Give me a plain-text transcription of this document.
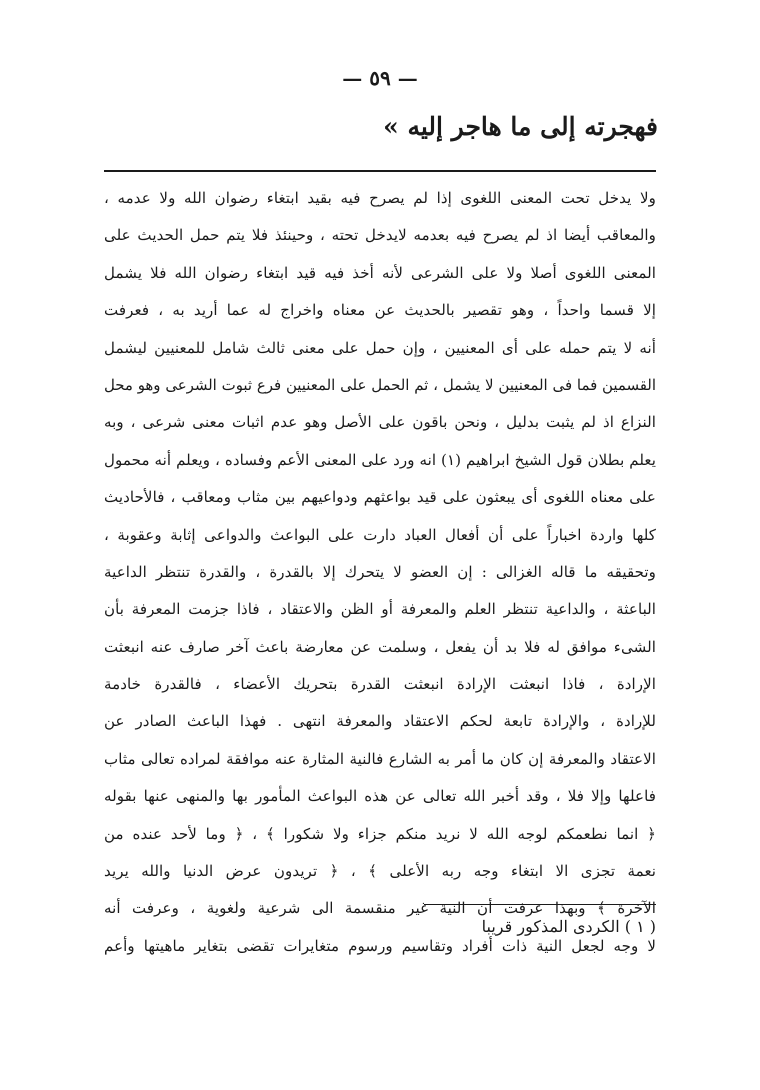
— ٥٩ —
فهجرته إلى ما هاجر إليه »
ولا يدخل تحت المعنى اللغوى إذا لم يصرح فيه بقيد ابتغاء رضوان الله ولا عدمه ،
والمعاقب أيضا اذ لم يصرح فيه بعدمه لايدخل تحته ، وحينئذ فلا يتم حمل الحديث على
المعنى اللغوى أصلا ولا على الشرعى لأنه أخذ فيه قيد ابتغاء رضوان الله فلا يشمل
إلا قسما واحداً ، وهو تقصير بالحديث عن معناه واخراج له عما أريد به ، فعرفت
أنه لا يتم حمله على أى المعنيين ، وإن حمل على معنى ثالث شامل للمعنيين ليشمل
القسمين فما فى المعنيين لا يشمل ، ثم الحمل على المعنيين فرع ثبوت الشرعى وهو محل
النزاع اذ لم يثبت بدليل ، ونحن باقون على الأصل وهو عدم اثبات معنى شرعى ، وبه
يعلم بطلان قول الشيخ ابراهيم (١) انه ورد على المعنى الأعم وفساده ، ويعلم أنه محمول
على معناه اللغوى أى يبعثون على قيد بواعثهم ودواعيهم بين مثاب ومعاقب ، فالأحاديث
كلها واردة اخباراً على أن أفعال العباد دارت على البواعث والدواعى إثابة وعقوبة ،
وتحقيقه ما قاله الغزالى : إن العضو لا يتحرك إلا بالقدرة ، والقدرة تنتظر الداعية
الباعثة ، والداعية تنتظر العلم والمعرفة أو الظن والاعتقاد ، فاذا جزمت المعرفة بأن
الشىء موافق له فلا بد أن يفعل ، وسلمت عن معارضة باعث آخر صارف عنه انبعثت
الإرادة ، فاذا انبعثت الإرادة انبعثت القدرة بتحريك الأعضاء ، فالقدرة خادمة
للإرادة ، والإرادة تابعة لحكم الاعتقاد والمعرفة انتهى . فهذا الباعث الصادر عن
الاعتقاد والمعرفة إن كان ما أمر به الشارع فالنية المثارة عنه موافقة لمراده تعالى مثاب
فاعلها وإلا فلا ، وقد أخبر الله تعالى عن هذه البواعث المأمور بها والمنهى عنها بقوله
﴿ انما نطعمكم لوجه الله لا نريد منكم جزاء ولا شكورا ﴾ ، ﴿ وما لأحد عنده من
نعمة تجزى الا ابتغاء وجه ربه الأعلى ﴾ ، ﴿ تريدون عرض الدنيا والله يريد
الآخرة ﴾ وبهذا عرفت أن النية غير منقسمة الى شرعية ولغوية ، وعرفت أنه
لا وجه لجعل النية ذات أفراد وتقاسيم ورسوم متغايرات تقضى بتغاير ماهيتها وأعم
( ١ ) الكردى المذكور قريبا
